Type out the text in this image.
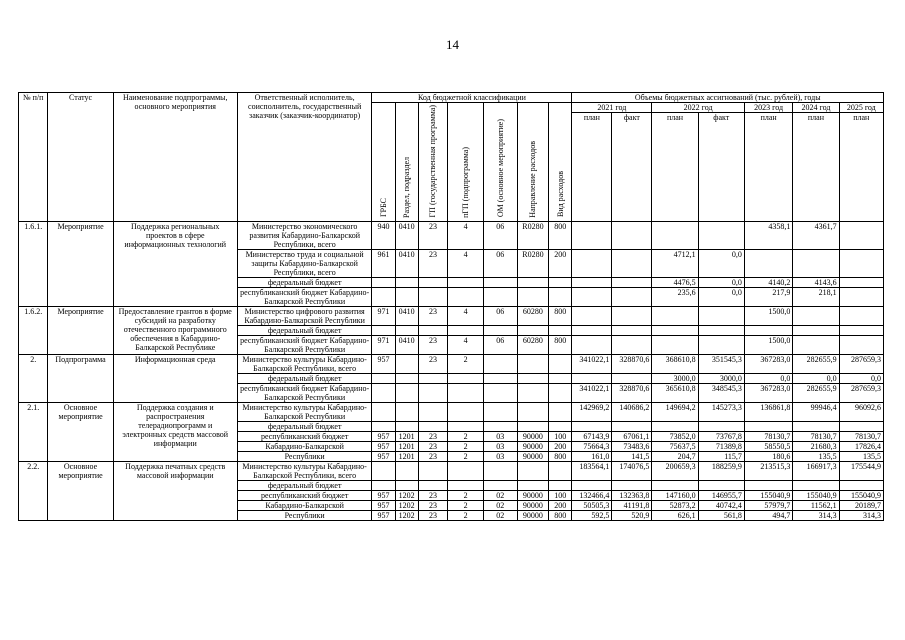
14
№ п/п	Статус	Наименование подпрограммы, основного мероприятия	Ответственный исполнитель, соисполнитель, государственный заказчик (заказчик-координатор)	Код бюджетной классификации							Объемы бюджетных ассигнований (тыс. рублей), годы						
				ГРБС	Раздел, подраздел	ГП (государственная программа)	пГП (подпрограмма)	ОМ (основное мероприятие)	Направление расходов	Вид расходов	2021 год		2022 год		2023 год	2024 год	2025 год
											план	факт	план	факт	план	план	план
1.6.1.	Мероприятие	Поддержка региональных проектов в сфере информационных технологий	Министерство экономического развития Кабардино-Балкарской Республики, всего	940	0410	23	4	06	R0280	800					4358,1	4361,7	
			Министерство труда и социальной защиты Кабардино-Балкарской Республики, всего	961	0410	23	4	06	R0280	200			4712,1	0,0			
			федеральный бюджет										4476,5	0,0	4140,2	4143,6	
			республиканский бюджет Кабардино-Балкарской Республики										235,6	0,0	217,9	218,1	
1.6.2.	Мероприятие	Предоставление грантов в форме субсидий на разработку отечественного программного обеспечения в Кабардино-Балкарской Республике	Министерство цифрового развития Кабардино-Балкарской Республики	971	0410	23	4	06	60280	800					1500,0		
			федеральный бюджет														
			республиканский бюджет Кабардино-Балкарской Республики	971	0410	23	4	06	60280	800					1500,0		
2.	Подпрограмма	Информационная среда	Министерство культуры Кабардино-Балкарской Республики, всего	957		23	2				341022,1	328870,6	368610,8	351545,3	367283,0	282655,9	287659,3
			федеральный бюджет										3000,0	3000,0	0,0	0,0	0,0
			республиканский бюджет Кабардино-Балкарской Республики								341022,1	328870,6	365610,8	348545,3	367283,0	282655,9	287659,3
2.1.	Основное мероприятие	Поддержка создания и распространения телерадиопрограмм и электронных средств массовой информации	Министерство культуры Кабардино-Балкарской Республики								142969,2	140686,2	149694,2	145273,3	136861,8	99946,4	96092,6
			федеральный бюджет														
			республиканский бюджет	957	1201	23	2	03	90000	100	67143,9	67061,1	73852,0	73767,8	78130,7	78130,7	78130,7
			Кабардино-Балкарской	957	1201	23	2	03	90000	200	75664,3	73483,6	75637,5	71389,8	58550,5	21680,3	17826,4
			Республики	957	1201	23	2	03	90000	800	161,0	141,5	204,7	115,7	180,6	135,5	135,5
2.2.	Основное мероприятие	Поддержка печатных средств массовой информации	Министерство культуры Кабардино-Балкарской Республики, всего								183564,1	174076,5	200659,3	188259,9	213515,3	166917,3	175544,9
			федеральный бюджет														
			республиканский бюджет	957	1202	23	2	02	90000	100	132466,4	132363,8	147160,0	146955,7	155040,9	155040,9	155040,9
			Кабардино-Балкарской	957	1202	23	2	02	90000	200	50505,3	41191,8	52873,2	40742,4	57979,7	11562,1	20189,7
			Республики	957	1202	23	2	02	90000	800	592,5	520,9	626,1	561,8	494,7	314,3	314,3
